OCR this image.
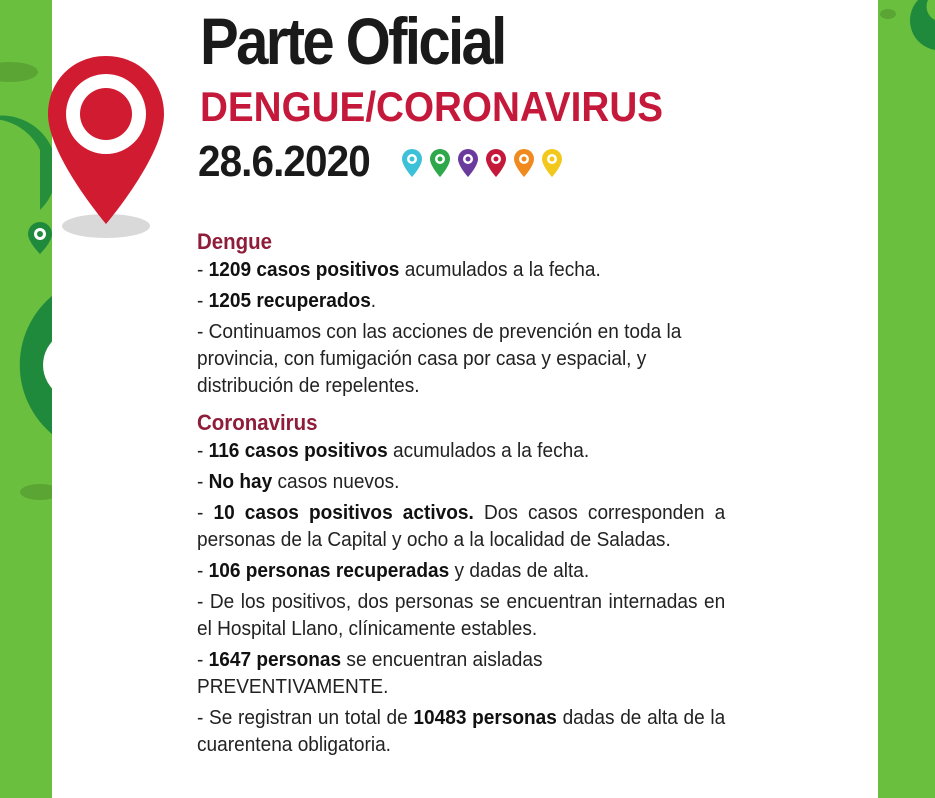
Parte Oficial
DENGUE/CORONAVIRUS
28.6.2020
Dengue
- 1209 casos positivos acumulados a la fecha.
- 1205 recuperados.
- Continuamos con las acciones de prevención en toda la provincia, con fumigación casa por casa y espacial, y distribución de repelentes.
Coronavirus
- 116 casos positivos acumulados a la fecha.
- No hay casos nuevos.
- 10 casos positivos activos. Dos casos corresponden a personas de la Capital y ocho a la localidad de Saladas.
- 106 personas recuperadas y dadas de alta.
- De los positivos, dos personas se encuentran internadas en el Hospital Llano, clínicamente estables.
- 1647 personas se encuentran aisladas PREVENTIVAMENTE.
- Se registran un total de 10483 personas dadas de alta de la cuarentena obligatoria.
